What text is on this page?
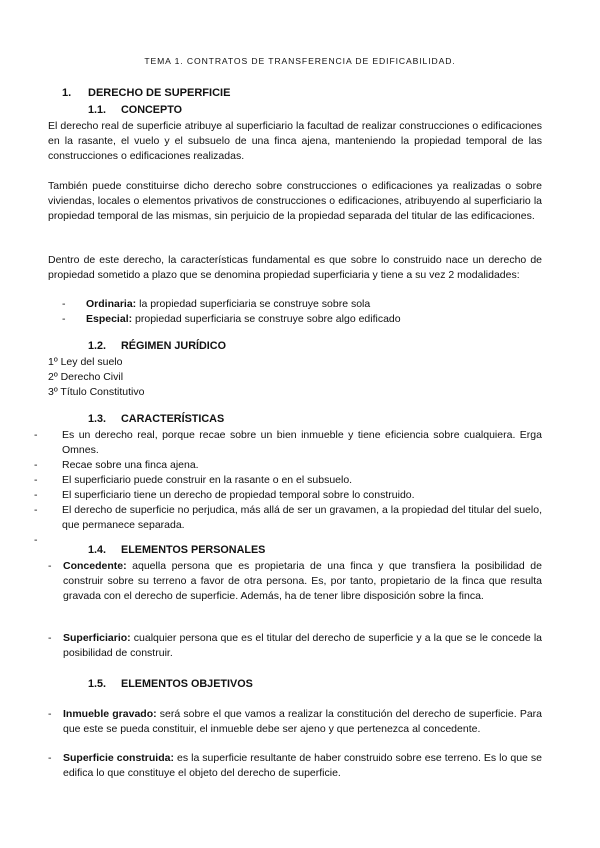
TEMA 1. CONTRATOS DE TRANSFERENCIA DE EDIFICABILIDAD.
1. DERECHO DE SUPERFICIE
1.1. CONCEPTO

El derecho real de superficie atribuye al superficiario la facultad de realizar construcciones o edificaciones en la rasante, el vuelo y el subsuelo de una finca ajena, manteniendo la propiedad temporal de las construcciones o edificaciones realizadas.

También puede constituirse dicho derecho sobre construcciones o edificaciones ya realizadas o sobre viviendas, locales o elementos privativos de construcciones o edificaciones, atribuyendo al superficiario la propiedad temporal de las mismas, sin perjuicio de la propiedad separada del titular de las edificaciones.

Dentro de este derecho, la características fundamental es que sobre lo construido nace un derecho de propiedad sometido a plazo que se denomina propiedad superficiaria y tiene a su vez 2 modalidades:

- Ordinaria: la propiedad superficiaria se construye sobre sola
- Especial: propiedad superficiaria se construye sobre algo edificado
1.2. RÉGIMEN JURÍDICO
1º Ley del suelo
2º Derecho Civil
3º Título Constitutivo
1.3. CARACTERÍSTICAS
- Es un derecho real, porque recae sobre un bien inmueble y tiene eficiencia sobre cualquiera. Erga Omnes.
- Recae sobre una finca ajena.
- El superficiario puede construir en la rasante o en el subsuelo.
- El superficiario tiene un derecho de propiedad temporal sobre lo construido.
- El derecho de superficie no perjudica, más allá de ser un gravamen, a la propiedad del titular del suelo, que permanece separada.
-
1.4. ELEMENTOS PERSONALES
- Concedente: aquella persona que es propietaria de una finca y que transfiera la posibilidad de construir sobre su terreno a favor de otra persona. Es, por tanto, propietario de la finca que resulta gravada con el derecho de superficie. Además, ha de tener libre disposición sobre la finca.
- Superficiario: cualquier persona que es el titular del derecho de superficie y a la que se le concede la posibilidad de construir.
1.5. ELEMENTOS OBJETIVOS
- Inmueble gravado: será sobre el que vamos a realizar la constitución del derecho de superficie. Para que este se pueda constituir, el inmueble debe ser ajeno y que pertenezca al concedente.
- Superficie construida: es la superficie resultante de haber construido sobre ese terreno. Es lo que se edifica lo que constituye el objeto del derecho de superficie.
